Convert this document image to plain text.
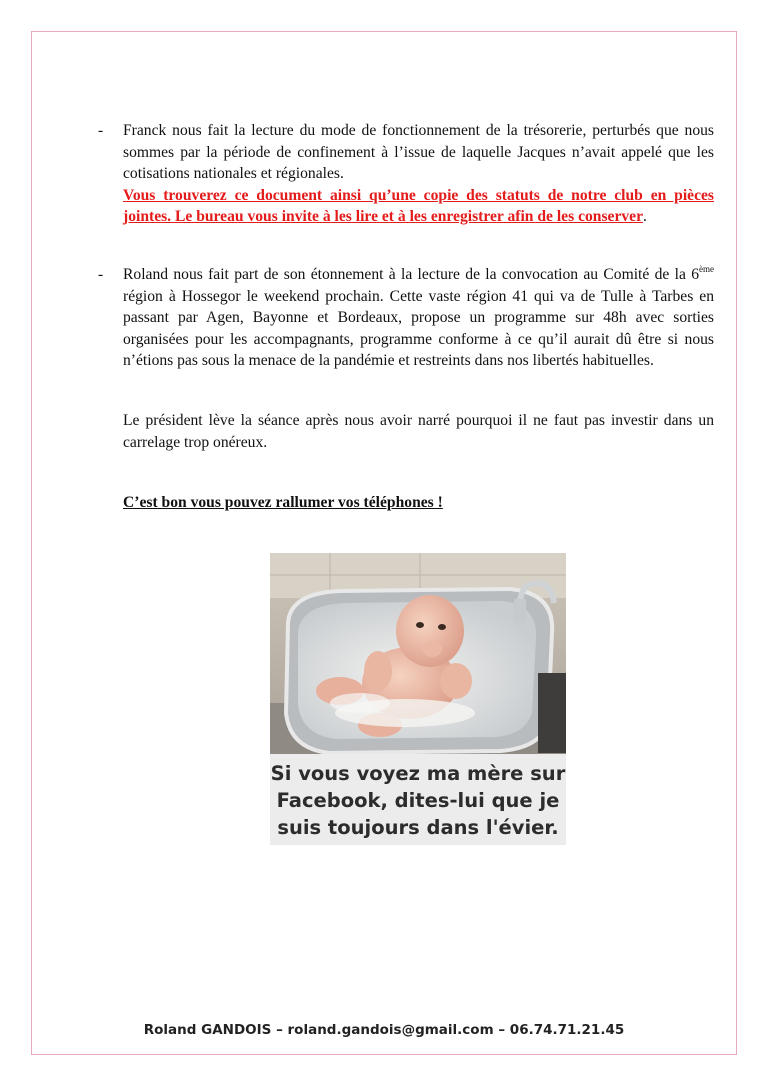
- Franck nous fait la lecture du mode de fonctionnement de la trésorerie, perturbés que nous sommes par la période de confinement à l’issue de laquelle Jacques n’avait appelé que les cotisations nationales et régionales.
Vous trouverez ce document ainsi qu’une copie des statuts de notre club en pièces jointes. Le bureau vous invite à les lire et à les enregistrer afin de les conserver.
- Roland nous fait part de son étonnement à la lecture de la convocation au Comité de la 6ème région à Hossegor le weekend prochain. Cette vaste région 41 qui va de Tulle à Tarbes en passant par Agen, Bayonne et Bordeaux, propose un programme sur 48h avec sorties organisées pour les accompagnants, programme conforme à ce qu’il aurait dû être si nous n’étions pas sous la menace de la pandémie et restreints dans nos libertés habituelles.
Le président lève la séance après nous avoir narré pourquoi il ne faut pas investir dans un carrelage trop onéreux.
C’est bon vous pouvez rallumer vos téléphones !
Si vous voyez ma mère sur
Facebook, dites-lui que je
suis toujours dans l'évier.
Roland GANDOIS – roland.gandois@gmail.com – 06.74.71.21.45
